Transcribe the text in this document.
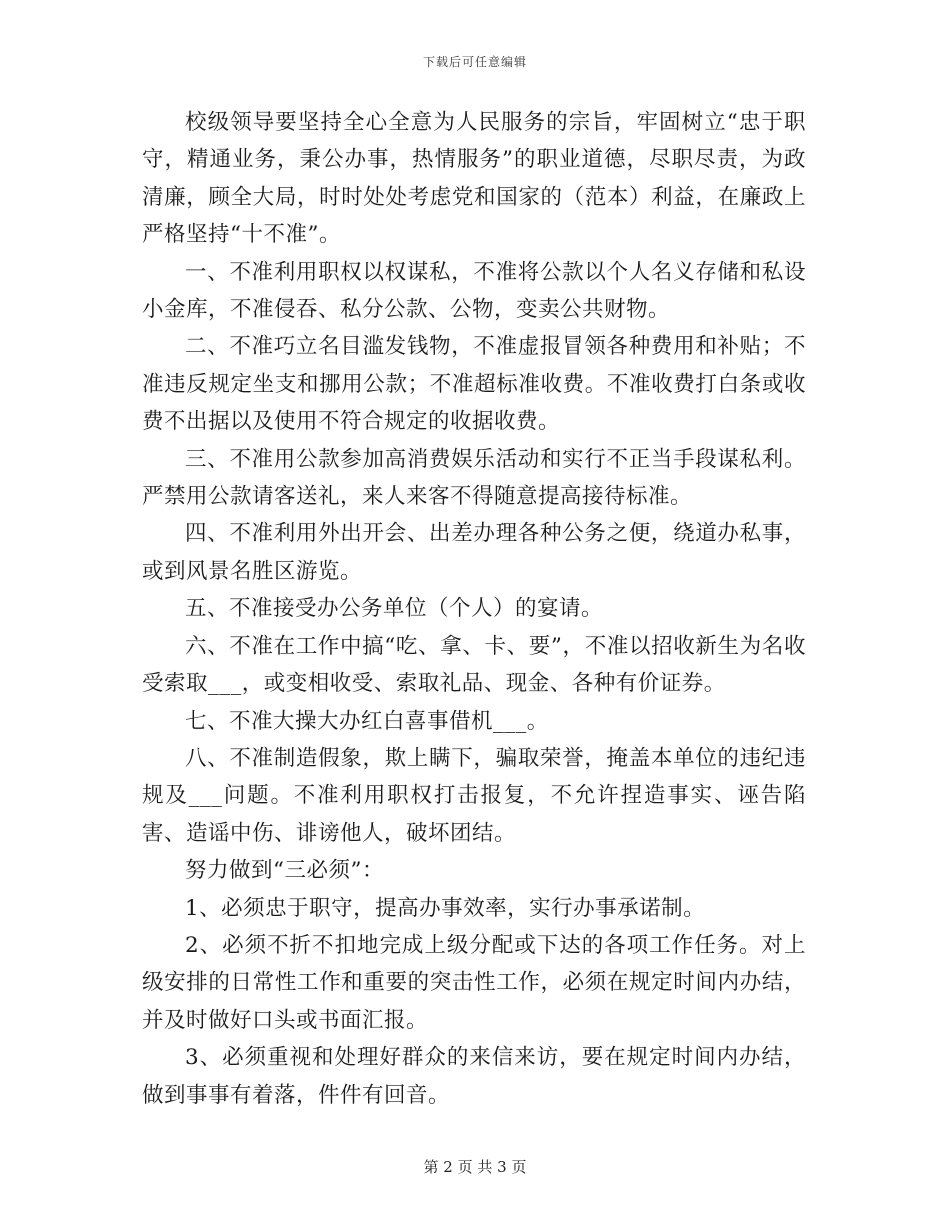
下载后可任意编辑

校级领导要坚持全心全意为人民服务的宗旨，牢固树立“忠于职守，精通业务，秉公办事，热情服务”的职业道德，尽职尽责，为政清廉，顾全大局，时时处处考虑党和国家的（范本）利益，在廉政上严格坚持“十不准”。

一、不准利用职权以权谋私，不准将公款以个人名义存储和私设小金库，不准侵吞、私分公款、公物，变卖公共财物。

二、不准巧立名目滥发钱物，不准虚报冒领各种费用和补贴；不准违反规定坐支和挪用公款；不准超标准收费。不准收费打白条或收费不出据以及使用不符合规定的收据收费。

三、不准用公款参加高消费娱乐活动和实行不正当手段谋私利。严禁用公款请客送礼，来人来客不得随意提高接待标准。

四、不准利用外出开会、出差办理各种公务之便，绕道办私事，或到风景名胜区游览。

五、不准接受办公务单位（个人）的宴请。

六、不准在工作中搞“吃、拿、卡、要”，不准以招收新生为名收受索取___，或变相收受、索取礼品、现金、各种有价证券。

七、不准大操大办红白喜事借机___。

八、不准制造假象，欺上瞒下，骗取荣誉，掩盖本单位的违纪违规及___问题。不准利用职权打击报复，不允许捏造事实、诬告陷害、造谣中伤、诽谤他人，破坏团结。

努力做到“三必须”：

1、必须忠于职守，提高办事效率，实行办事承诺制。

2、必须不折不扣地完成上级分配或下达的各项工作任务。对上级安排的日常性工作和重要的突击性工作，必须在规定时间内办结，并及时做好口头或书面汇报。

3、必须重视和处理好群众的来信来访，要在规定时间内办结，做到事事有着落，件件有回音。

第 2 页 共 3 页
